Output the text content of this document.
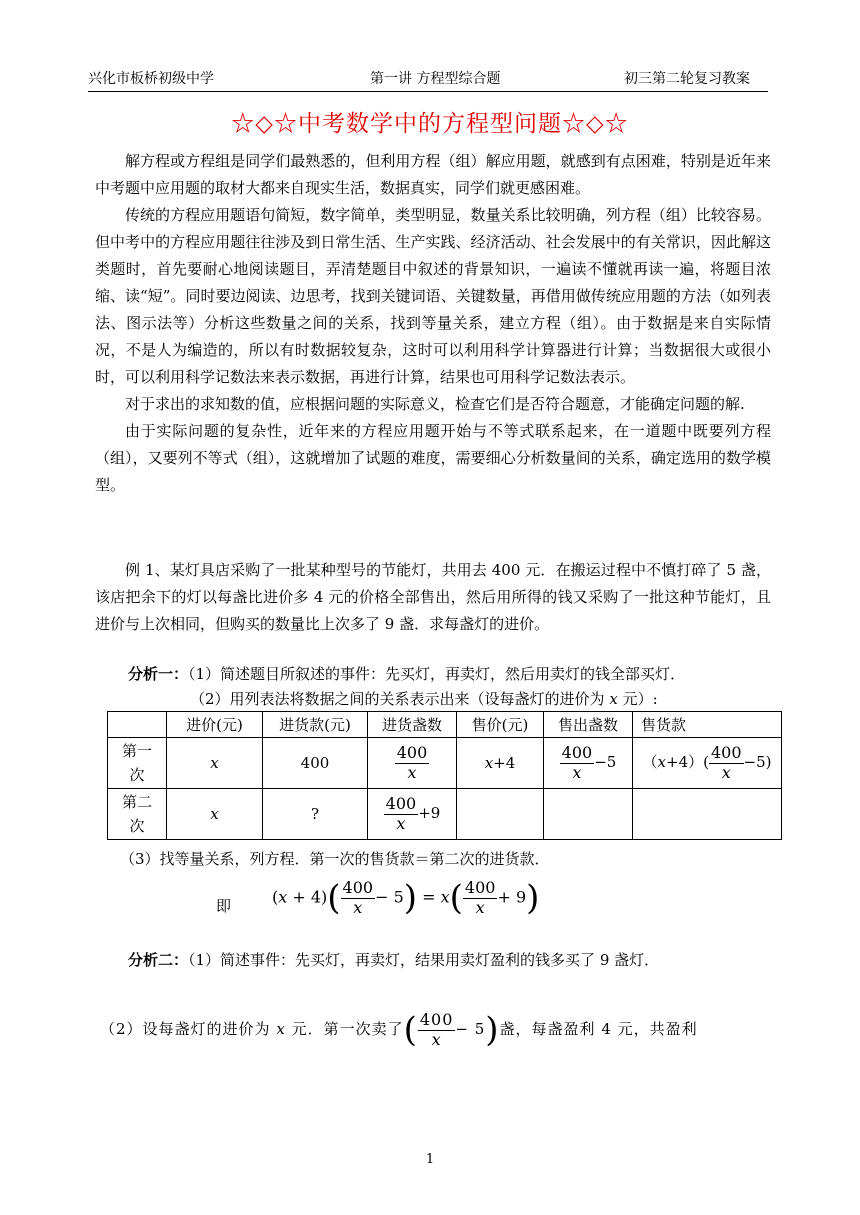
兴化市板桥初级中学	第一讲 方程型综合题	初三第二轮复习教案
☆◇☆中考数学中的方程型问题☆◇☆

解方程或方程组是同学们最熟悉的，但利用方程（组）解应用题，就感到有点困难，特别是近年来中考题中应用题的取材大都来自现实生活，数据真实，同学们就更感困难。

传统的方程应用题语句简短，数字简单，类型明显，数量关系比较明确，列方程（组）比较容易。但中考中的方程应用题往往涉及到日常生活、生产实践、经济活动、社会发展中的有关常识，因此解这类题时，首先要耐心地阅读题目，弄清楚题目中叙述的背景知识，一遍读不懂就再读一遍，将题目浓缩、读“短”。同时要边阅读、边思考，找到关键词语、关键数量，再借用做传统应用题的方法（如列表法、图示法等）分析这些数量之间的关系，找到等量关系，建立方程（组）。由于数据是来自实际情况，不是人为编造的，所以有时数据较复杂，这时可以利用科学计算器进行计算；当数据很大或很小时，可以利用科学记数法来表示数据，再进行计算，结果也可用科学记数法表示。

对于求出的求知数的值，应根据问题的实际意义，检查它们是否符合题意，才能确定问题的解.

由于实际问题的复杂性，近年来的方程应用题开始与不等式联系起来，在一道题中既要列方程（组），又要列不等式（组），这就增加了试题的难度，需要细心分析数量间的关系，确定选用的数学模型。

例 1、某灯具店采购了一批某种型号的节能灯，共用去 400 元．在搬运过程中不慎打碎了 5 盏，该店把余下的灯以每盏比进价多 4 元的价格全部售出，然后用所得的钱又采购了一批这种节能灯，且进价与上次相同，但购买的数量比上次多了 9 盏．求每盏灯的进价。

分析一：（1）简述题目所叙述的事件：先买灯，再卖灯，然后用卖灯的钱全部买灯．
（2）用列表法将数据之间的关系表示出来（设每盏灯的进价为 x 元）:
	进价(元)	进货款(元)	进货盏数	售价(元)	售出盏数	售货款

第一次	x	400	$\frac{400}{x}$	x+4	$\frac{400}{x} -5$	$(x+4)( \frac{400}{x} -5)$

第二次	x	?	$\frac{400}{x} +9$			
（3）找等量关系，列方程．第一次的售货款＝第二次的进货款．
即	$(x + 4)( \frac{400}{x} - 5) = x( \frac{400}{x} + 9)$
分析二：（1）简述事件：先买灯，再卖灯，结果用卖灯盈利的钱多买了 9 盏灯．
（2）设每盏灯的进价为 x 元．第一次卖了( $\frac{400}{x} - 5$)盏，每盏盈利 4 元，共盈利
1
